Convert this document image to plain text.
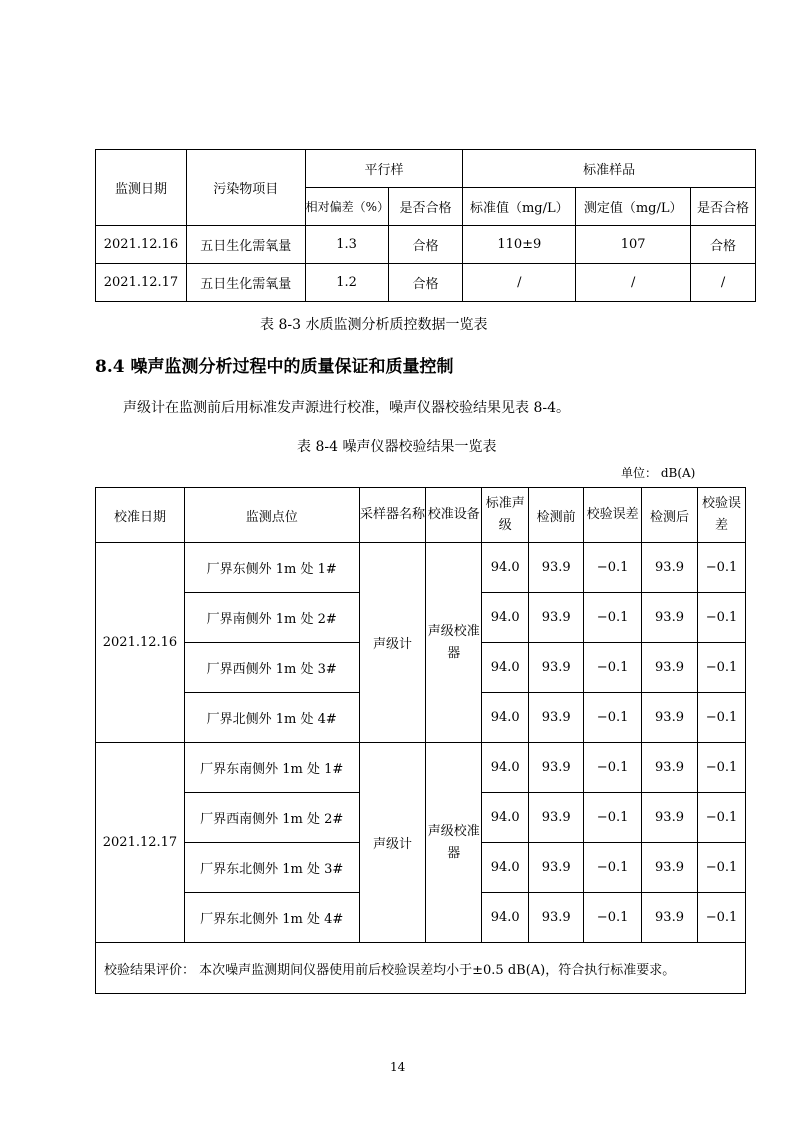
监测日期	污染物项目	平行样		标准样品		
		相对偏差（%）	是否合格	标准值（mg/L）	测定值（mg/L）	是否合格
2021.12.16	五日生化需氧量	1.3	合格	110±9	107	合格
2021.12.17	五日生化需氧量	1.2	合格	/	/	/
表 8-3 水质监测分析质控数据一览表
8.4 噪声监测分析过程中的质量保证和质量控制
声级计在监测前后用标准发声源进行校准，噪声仪器校验结果见表 8-4。
表 8-4 噪声仪器校验结果一览表
单位： dB(A)
校准日期	监测点位	采样器名称	校准设备	标准声级	检测前	校验误差	检测后	校验误差
2021.12.16	厂界东侧外 1m 处 1#	声级计	声级校准器	94.0	93.9	−0.1	93.9	−0.1
	厂界南侧外 1m 处 2#			94.0	93.9	−0.1	93.9	−0.1
	厂界西侧外 1m 处 3#			94.0	93.9	−0.1	93.9	−0.1
	厂界北侧外 1m 处 4#			94.0	93.9	−0.1	93.9	−0.1
2021.12.17	厂界东南侧外 1m 处 1#	声级计	声级校准器	94.0	93.9	−0.1	93.9	−0.1
	厂界西南侧外 1m 处 2#			94.0	93.9	−0.1	93.9	−0.1
	厂界东北侧外 1m 处 3#			94.0	93.9	−0.1	93.9	−0.1
	厂界东北侧外 1m 处 4#			94.0	93.9	−0.1	93.9	−0.1
校验结果评价： 本次噪声监测期间仪器使用前后校验误差均小于±0.5 dB(A)，符合执行标准要求。								
14
